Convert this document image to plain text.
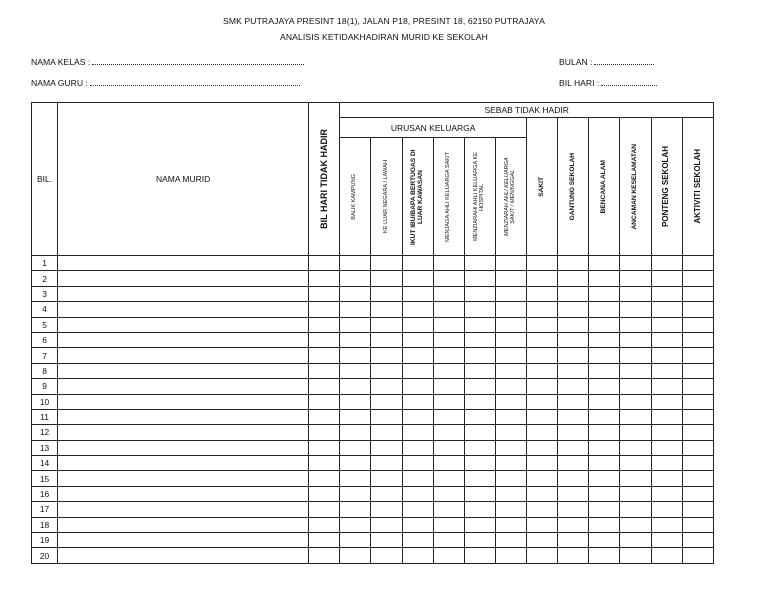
SMK PUTRAJAYA PRESINT 18(1), JALAN P18, PRESINT 18, 62150 PUTRAJAYA
ANALISIS KETIDAKHADIRAN MURID KE SEKOLAH
NAMA KELAS :
NAMA GURU :
BULAN :
BIL HARI :
BIL.	NAMA MURID	BIL HARI TIDAK HADIR	SEBAB TIDAK HADIR											
			URUSAN KELUARGA						SAKIT	GANTUNG SEKOLAH	BENCANA ALAM	ANCAMAN KESELAMATAN	PONTENG SEKOLAH	AKTIVITI SEKOLAH

			BALIK KAMPUNG	KE LUAR NEGARA / LAWAH	IKUT IBU/BAPA BERTUGAS DI LUAR KAWASAN	MENJAGA AHLI KELUARGA SAKIT	MENZIARAHI AHLI KELUARGA KE HOSPITAL	MENZIARAH AHLI KELUARGA SAKIT / MENINGGAL						

1														
2														
3														
4														
5														
6														
7														
8														
9														
10														
11														
12														
13														
14														
15														
16														
17														
18														
19														
20														
